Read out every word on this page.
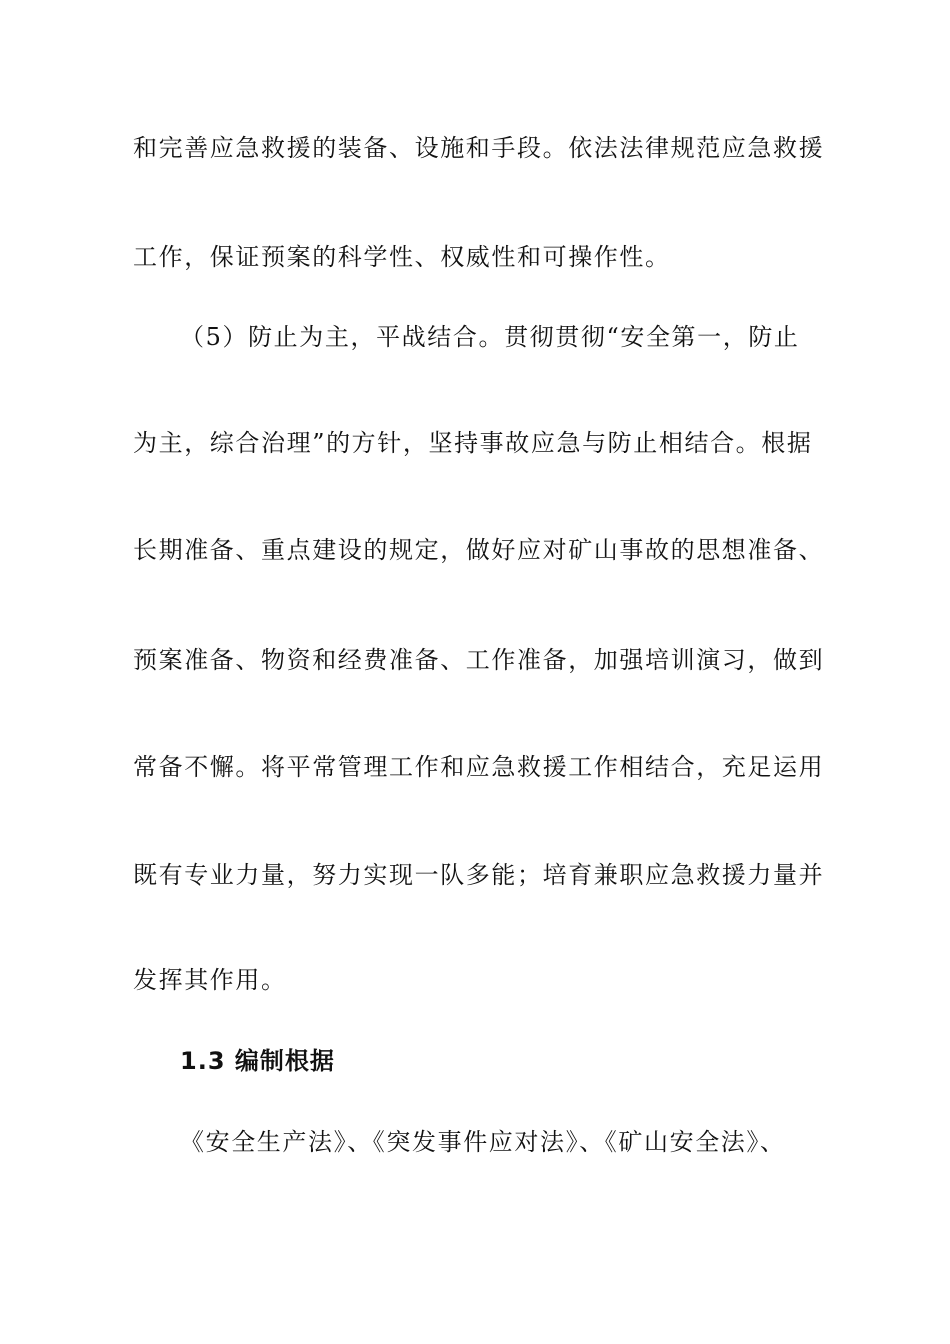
和完善应急救援的装备、设施和手段。依法法律规范应急救援
工作，保证预案的科学性、权威性和可操作性。
（5）防止为主，平战结合。贯彻贯彻“安全第一，防止
为主，综合治理”的方针，坚持事故应急与防止相结合。根据
长期准备、重点建设的规定，做好应对矿山事故的思想准备、
预案准备、物资和经费准备、工作准备，加强培训演习，做到
常备不懈。将平常管理工作和应急救援工作相结合，充足运用
既有专业力量，努力实现一队多能；培育兼职应急救援力量并
发挥其作用。
1.3 编制根据
《安全生产法》、《突发事件应对法》、《矿山安全法》、
